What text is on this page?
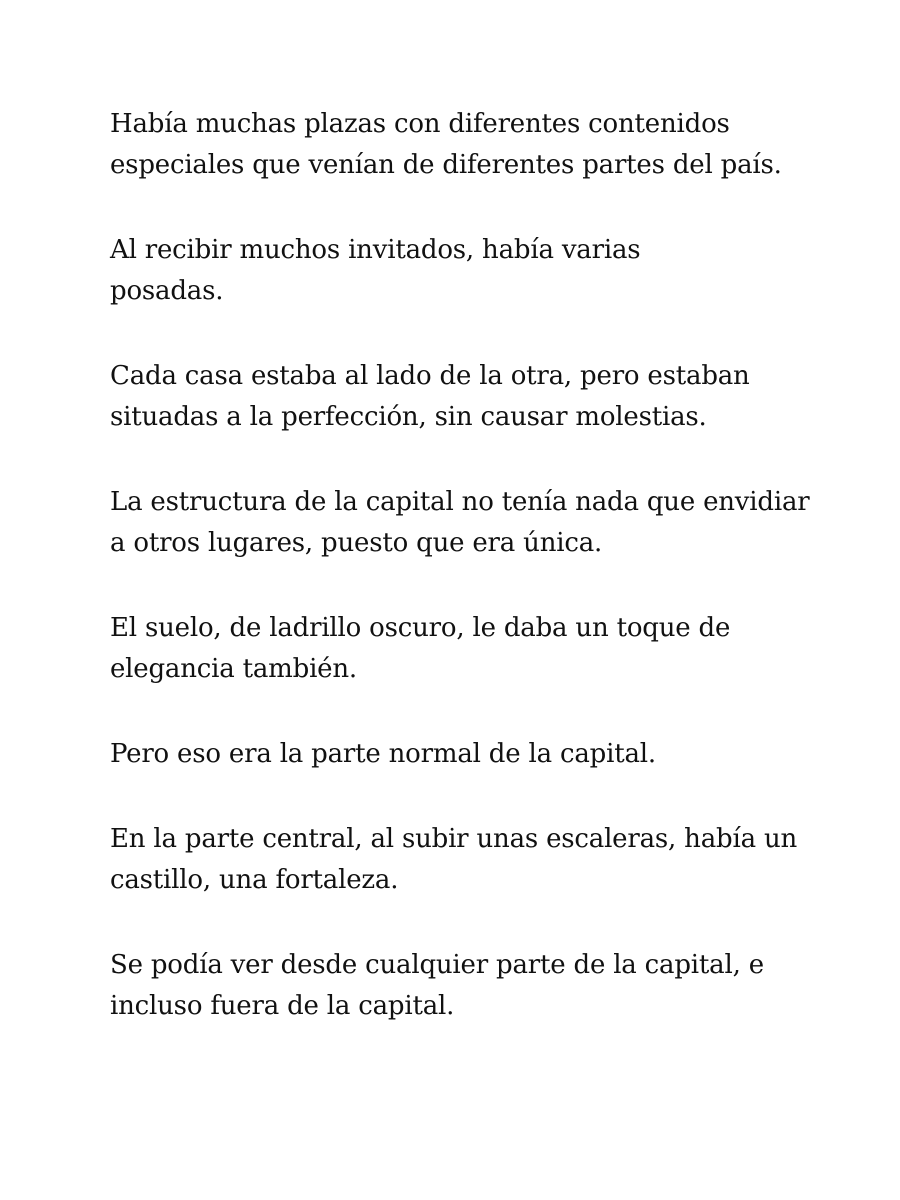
Había muchas plazas con diferentes contenidos especiales que venían de diferentes partes del país.

Al recibir muchos invitados, había varias posadas.

Cada casa estaba al lado de la otra, pero estaban situadas a la perfección, sin causar molestias.

La estructura de la capital no tenía nada que envidiar a otros lugares, puesto que era única.

El suelo, de ladrillo oscuro, le daba un toque de elegancia también.

Pero eso era la parte normal de la capital.

En la parte central, al subir unas escaleras, había un castillo, una fortaleza.

Se podía ver desde cualquier parte de la capital, e incluso fuera de la capital.
